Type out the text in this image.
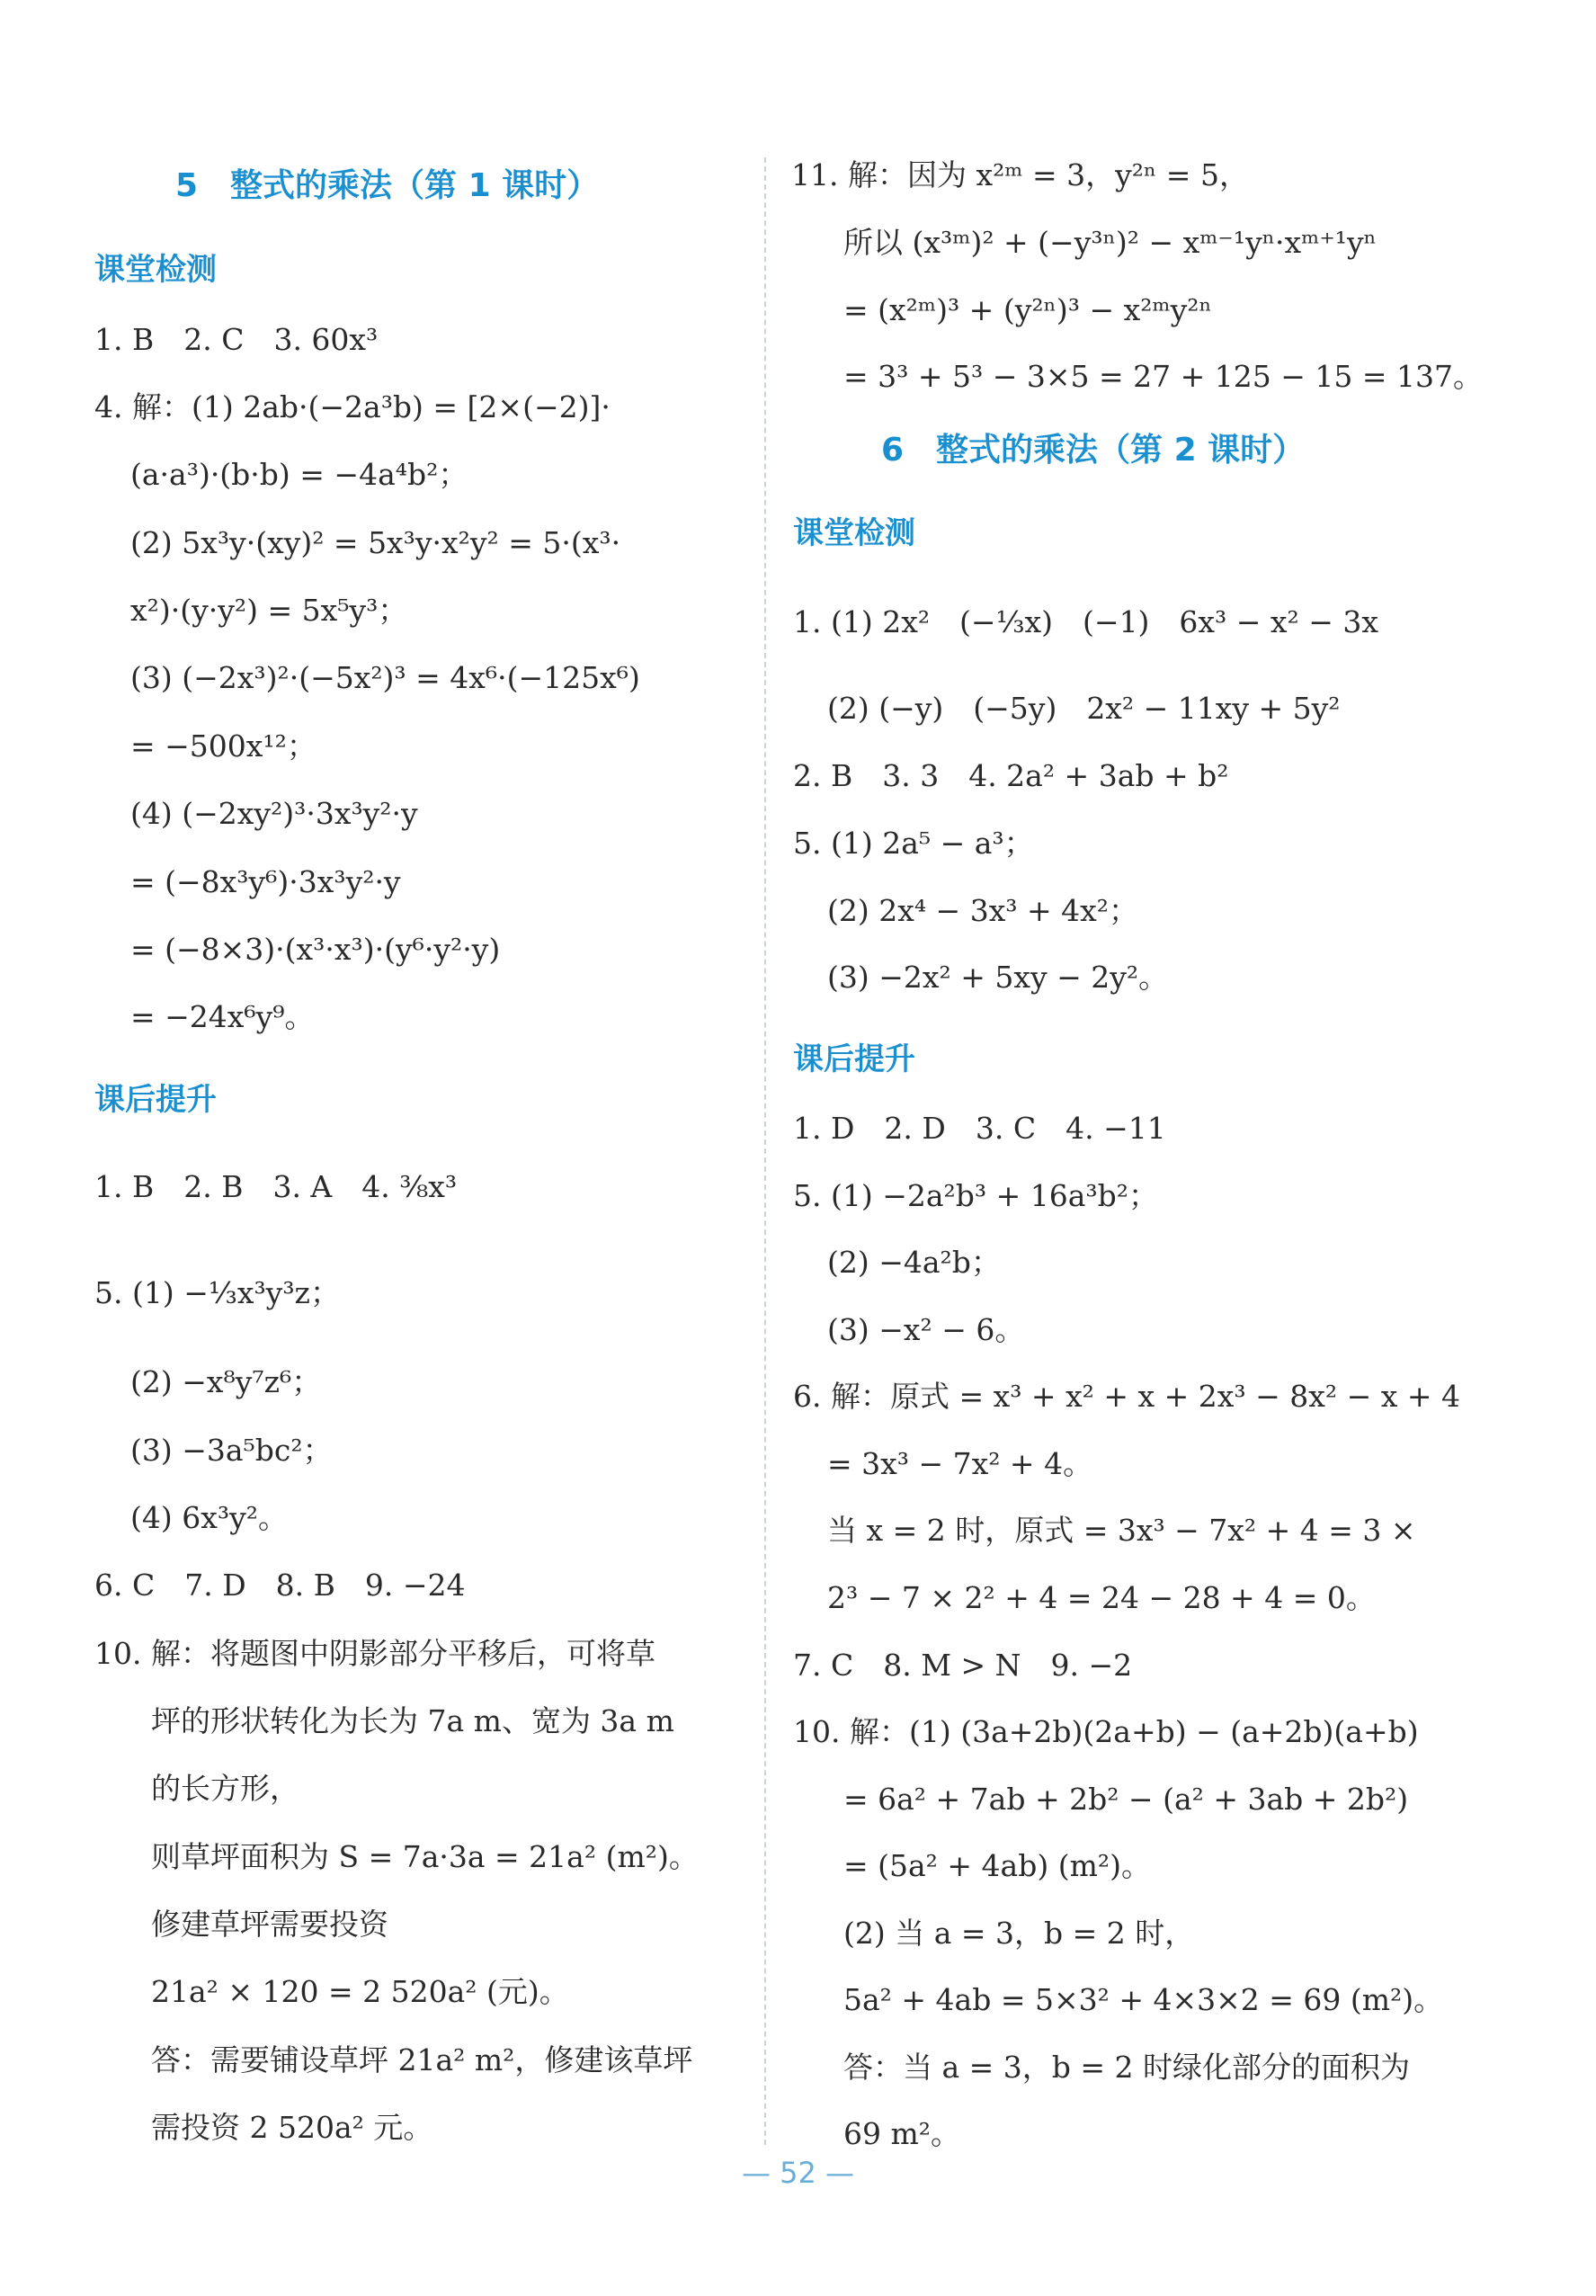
5　整式的乘法（第 1 课时）
课堂检测
1. B　2. C　3. 60x³
4. 解：(1) 2ab·(−2a³b) = [2×(−2)]·
(a·a³)·(b·b) = −4a⁴b²；
(2) 5x³y·(xy)² = 5x³y·x²y² = 5·(x³·
x²)·(y·y²) = 5x⁵y³；
(3) (−2x³)²·(−5x²)³ = 4x⁶·(−125x⁶)
= −500x¹²；
(4) (−2xy²)³·3x³y²·y
= (−8x³y⁶)·3x³y²·y
= (−8×3)·(x³·x³)·(y⁶·y²·y)
= −24x⁶y⁹。
课后提升
1. B　2. B　3. A　4. ³⁄₈x³
5. (1) −⅓x³y³z；
(2) −x⁸y⁷z⁶；
(3) −3a⁵bc²；
(4) 6x³y²。
6. C　7. D　8. B　9. −24
10. 解：将题图中阴影部分平移后，可将草
坪的形状转化为长为 7a m、宽为 3a m
的长方形，
则草坪面积为 S = 7a·3a = 21a² (m²)。
修建草坪需要投资
21a² × 120 = 2 520a² (元)。
答：需要铺设草坪 21a² m²，修建该草坪
需投资 2 520a² 元。
11. 解：因为 x²ᵐ = 3，y²ⁿ = 5，
所以 (x³ᵐ)² + (−y³ⁿ)² − xᵐ⁻¹yⁿ·xᵐ⁺¹yⁿ
= (x²ᵐ)³ + (y²ⁿ)³ − x²ᵐy²ⁿ
= 3³ + 5³ − 3×5 = 27 + 125 − 15 = 137。
6　整式的乘法（第 2 课时）
课堂检测
1. (1) 2x²　(−⅓x)　(−1)　6x³ − x² − 3x
(2) (−y)　(−5y)　2x² − 11xy + 5y²
2. B　3. 3　4. 2a² + 3ab + b²
5. (1) 2a⁵ − a³；
(2) 2x⁴ − 3x³ + 4x²；
(3) −2x² + 5xy − 2y²。
课后提升
1. D　2. D　3. C　4. −11
5. (1) −2a²b³ + 16a³b²；
(2) −4a²b；
(3) −x² − 6。
6. 解：原式 = x³ + x² + x + 2x³ − 8x² − x + 4
= 3x³ − 7x² + 4。
当 x = 2 时，原式 = 3x³ − 7x² + 4 = 3 ×
2³ − 7 × 2² + 4 = 24 − 28 + 4 = 0。
7. C　8. M > N　9. −2
10. 解：(1) (3a+2b)(2a+b) − (a+2b)(a+b)
= 6a² + 7ab + 2b² − (a² + 3ab + 2b²)
= (5a² + 4ab) (m²)。
(2) 当 a = 3，b = 2 时，
5a² + 4ab = 5×3² + 4×3×2 = 69 (m²)。
答：当 a = 3，b = 2 时绿化部分的面积为
69 m²。
— 52 —
